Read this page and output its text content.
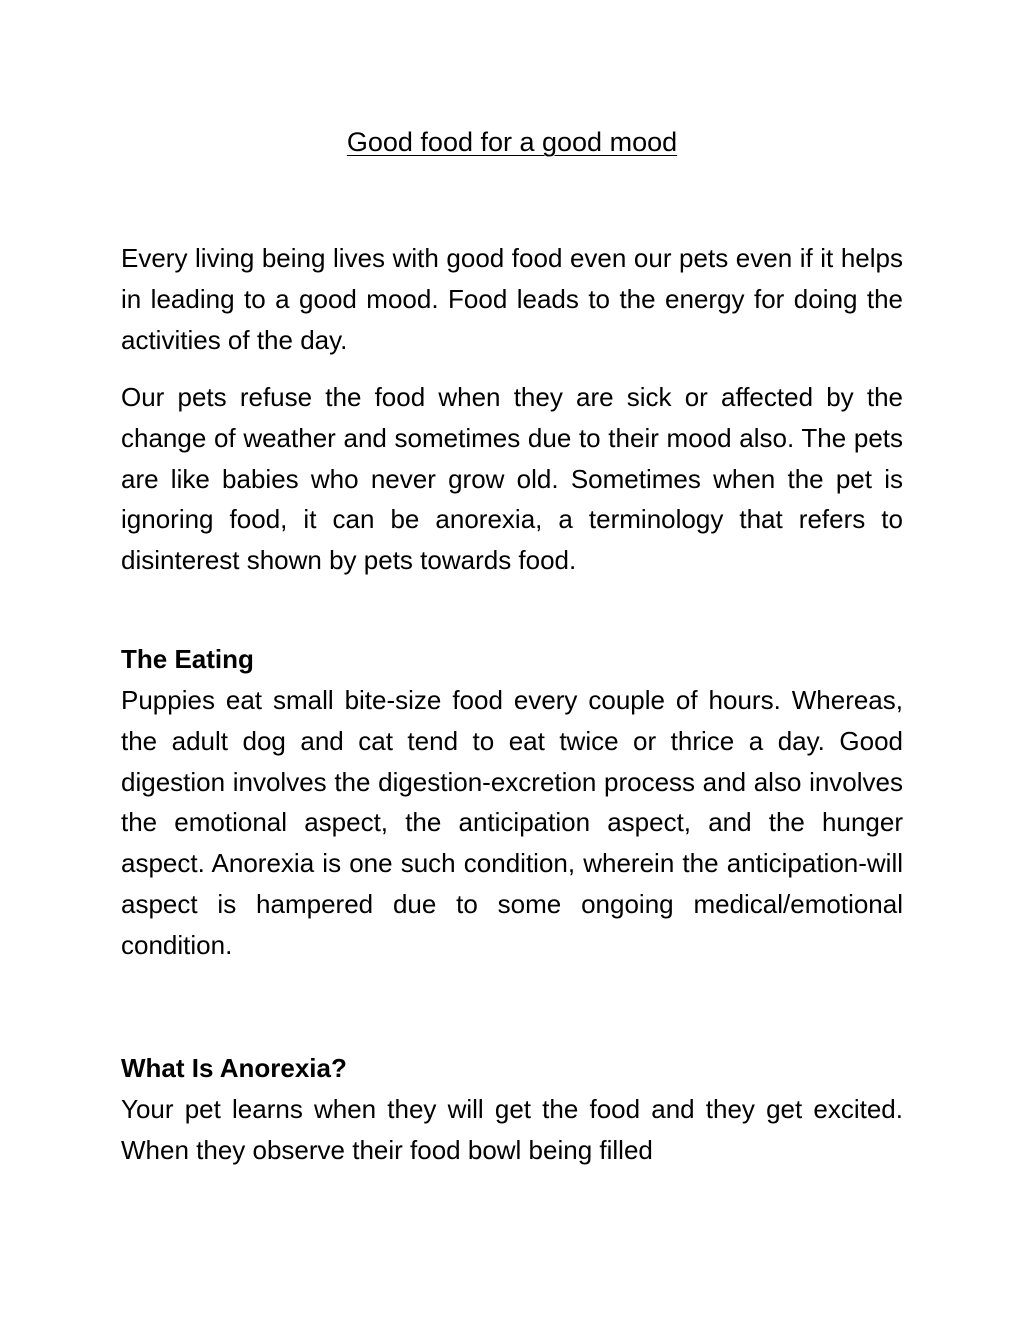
Good food for a good mood

Every living being lives with good food even our pets even if it helps in leading to a good mood. Food leads to the energy for doing the activities of the day.

Our pets refuse the food when they are sick or affected by the change of weather and sometimes due to their mood also. The pets are like babies who never grow old. Sometimes when the pet is ignoring food, it can be anorexia, a terminology that refers to disinterest shown by pets towards food.

The Eating

Puppies eat small bite-size food every couple of hours. Whereas, the adult dog and cat tend to eat twice or thrice a day. Good digestion involves the digestion-excretion process and also involves the emotional aspect, the anticipation aspect, and the hunger aspect. Anorexia is one such condition, wherein the anticipation-will aspect is hampered due to some ongoing medical/emotional condition.

What Is Anorexia?

Your pet learns when they will get the food and they get excited. When they observe their food bowl being filled
